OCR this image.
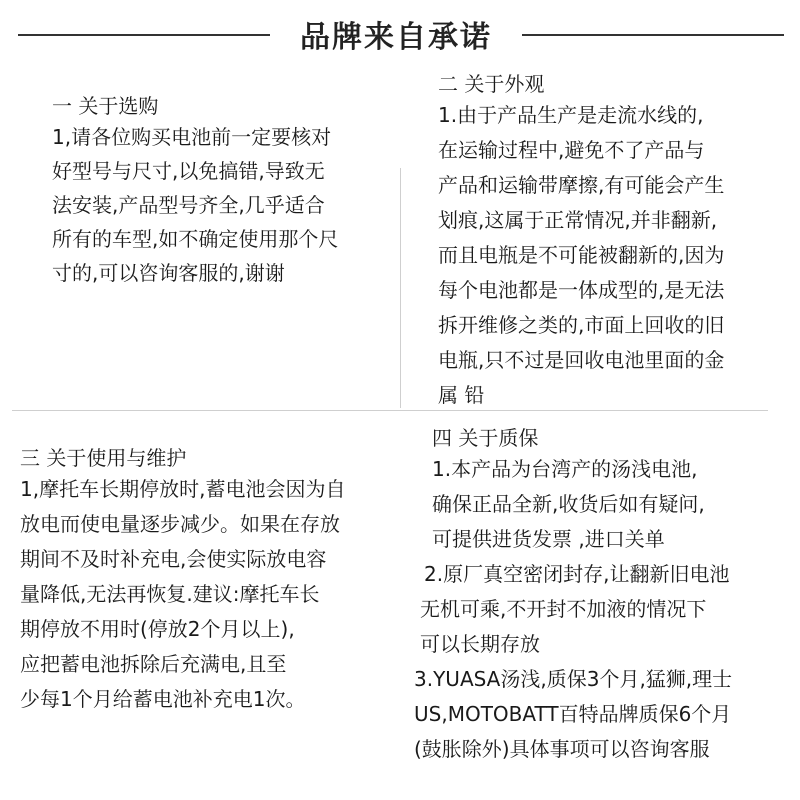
品牌来自承诺
一 关于选购
1,请各位购买电池前一定要核对
好型号与尺寸,以免搞错,导致无
法安装,产品型号齐全,几乎适合
所有的车型,如不确定使用那个尺
寸的,可以咨询客服的,谢谢
二 关于外观
1.由于产品生产是走流水线的,
在运输过程中,避免不了产品与
产品和运输带摩擦,有可能会产生
划痕,这属于正常情况,并非翻新,
而且电瓶是不可能被翻新的,因为
每个电池都是一体成型的,是无法
拆开维修之类的,市面上回收的旧
电瓶,只不过是回收电池里面的金
属 铅
三 关于使用与维护
1,摩托车长期停放时,蓄电池会因为自
放电而使电量逐步减少。如果在存放
期间不及时补充电,会使实际放电容
量降低,无法再恢复.建议:摩托车长
期停放不用时(停放2个月以上),
应把蓄电池拆除后充满电,且至
少每1个月给蓄电池补充电1次。
四 关于质保
1.本产品为台湾产的汤浅电池,
确保正品全新,收货后如有疑问,
可提供进货发票 ,进口关单
2.原厂真空密闭封存,让翻新旧电池
无机可乘,不开封不加液的情况下
可以长期存放
3.YUASA汤浅,质保3个月,猛狮,理士
US,MOTOBATT百特品牌质保6个月
(鼓胀除外)具体事项可以咨询客服
